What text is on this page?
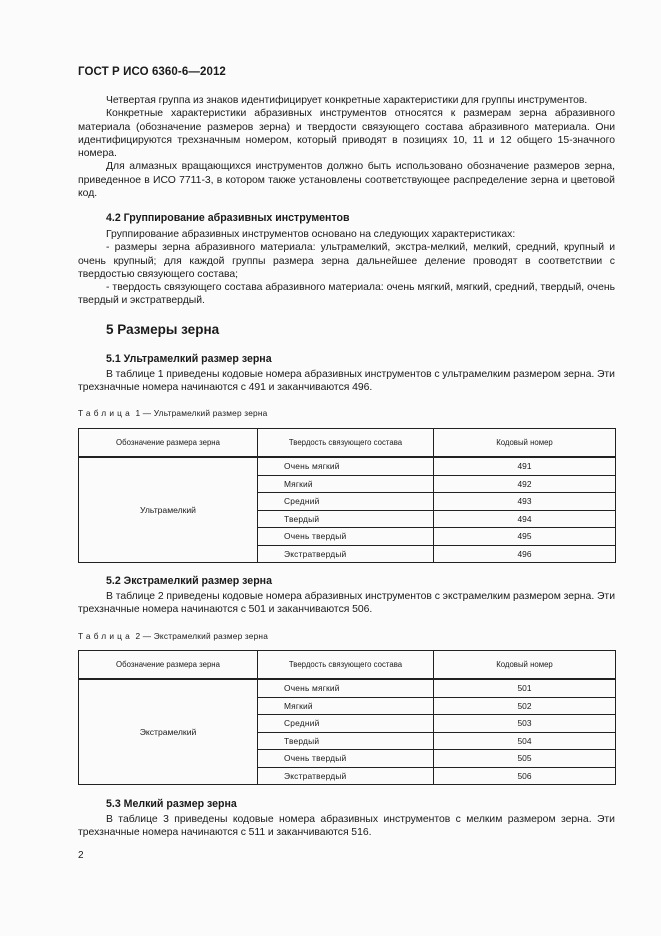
ГОСТ Р ИСО 6360-6—2012

Четвертая группа из знаков идентифицирует конкретные характеристики для группы инструментов.

Конкретные характеристики абразивных инструментов относятся к размерам зерна абразивного материала (обозначение размеров зерна) и твердости связующего состава абразивного материала. Они идентифицируются трехзначным номером, который приводят в позициях 10, 11 и 12 общего 15-значного номера.

Для алмазных вращающихся инструментов должно быть использовано обозначение размеров зерна, приведенное в ИСО 7711-3, в котором также установлены соответствующее распределение зерна и цветовой код.

4.2 Группирование абразивных инструментов

Группирование абразивных инструментов основано на следующих характеристиках:

- размеры зерна абразивного материала: ультрамелкий, экстра-мелкий, мелкий, средний, крупный и очень крупный; для каждой группы размера зерна дальнейшее деление проводят в соответствии с твердостью связующего состава;

- твердость связующего состава абразивного материала: очень мягкий, мягкий, средний, твердый, очень твердый и экстратвердый.

5 Размеры зерна
5.1 Ультрамелкий размер зерна

В таблице 1 приведены кодовые номера абразивных инструментов с ультрамелким размером зерна. Эти трехзначные номера начинаются с 491 и заканчиваются 496.

Таблица 1 — Ультрамелкий размер зерна
Обозначение размера зерна	Твердость связующего состава	Кодовый номер
Ультрамелкий	Очень мягкий	491
	Мягкий	492
	Средний	493
	Твердый	494
	Очень твердый	495
	Экстратвердый	496
5.2 Экстрамелкий размер зерна

В таблице 2 приведены кодовые номера абразивных инструментов с экстрамелким размером зерна. Эти трехзначные номера начинаются с 501 и заканчиваются 506.

Таблица 2 — Экстрамелкий размер зерна
Обозначение размера зерна	Твердость связующего состава	Кодовый номер
Экстрамелкий	Очень мягкий	501
	Мягкий	502
	Средний	503
	Твердый	504
	Очень твердый	505
	Экстратвердый	506
5.3 Мелкий размер зерна

В таблице 3 приведены кодовые номера абразивных инструментов с мелким размером зерна. Эти трехзначные номера начинаются с 511 и заканчиваются 516.

2
